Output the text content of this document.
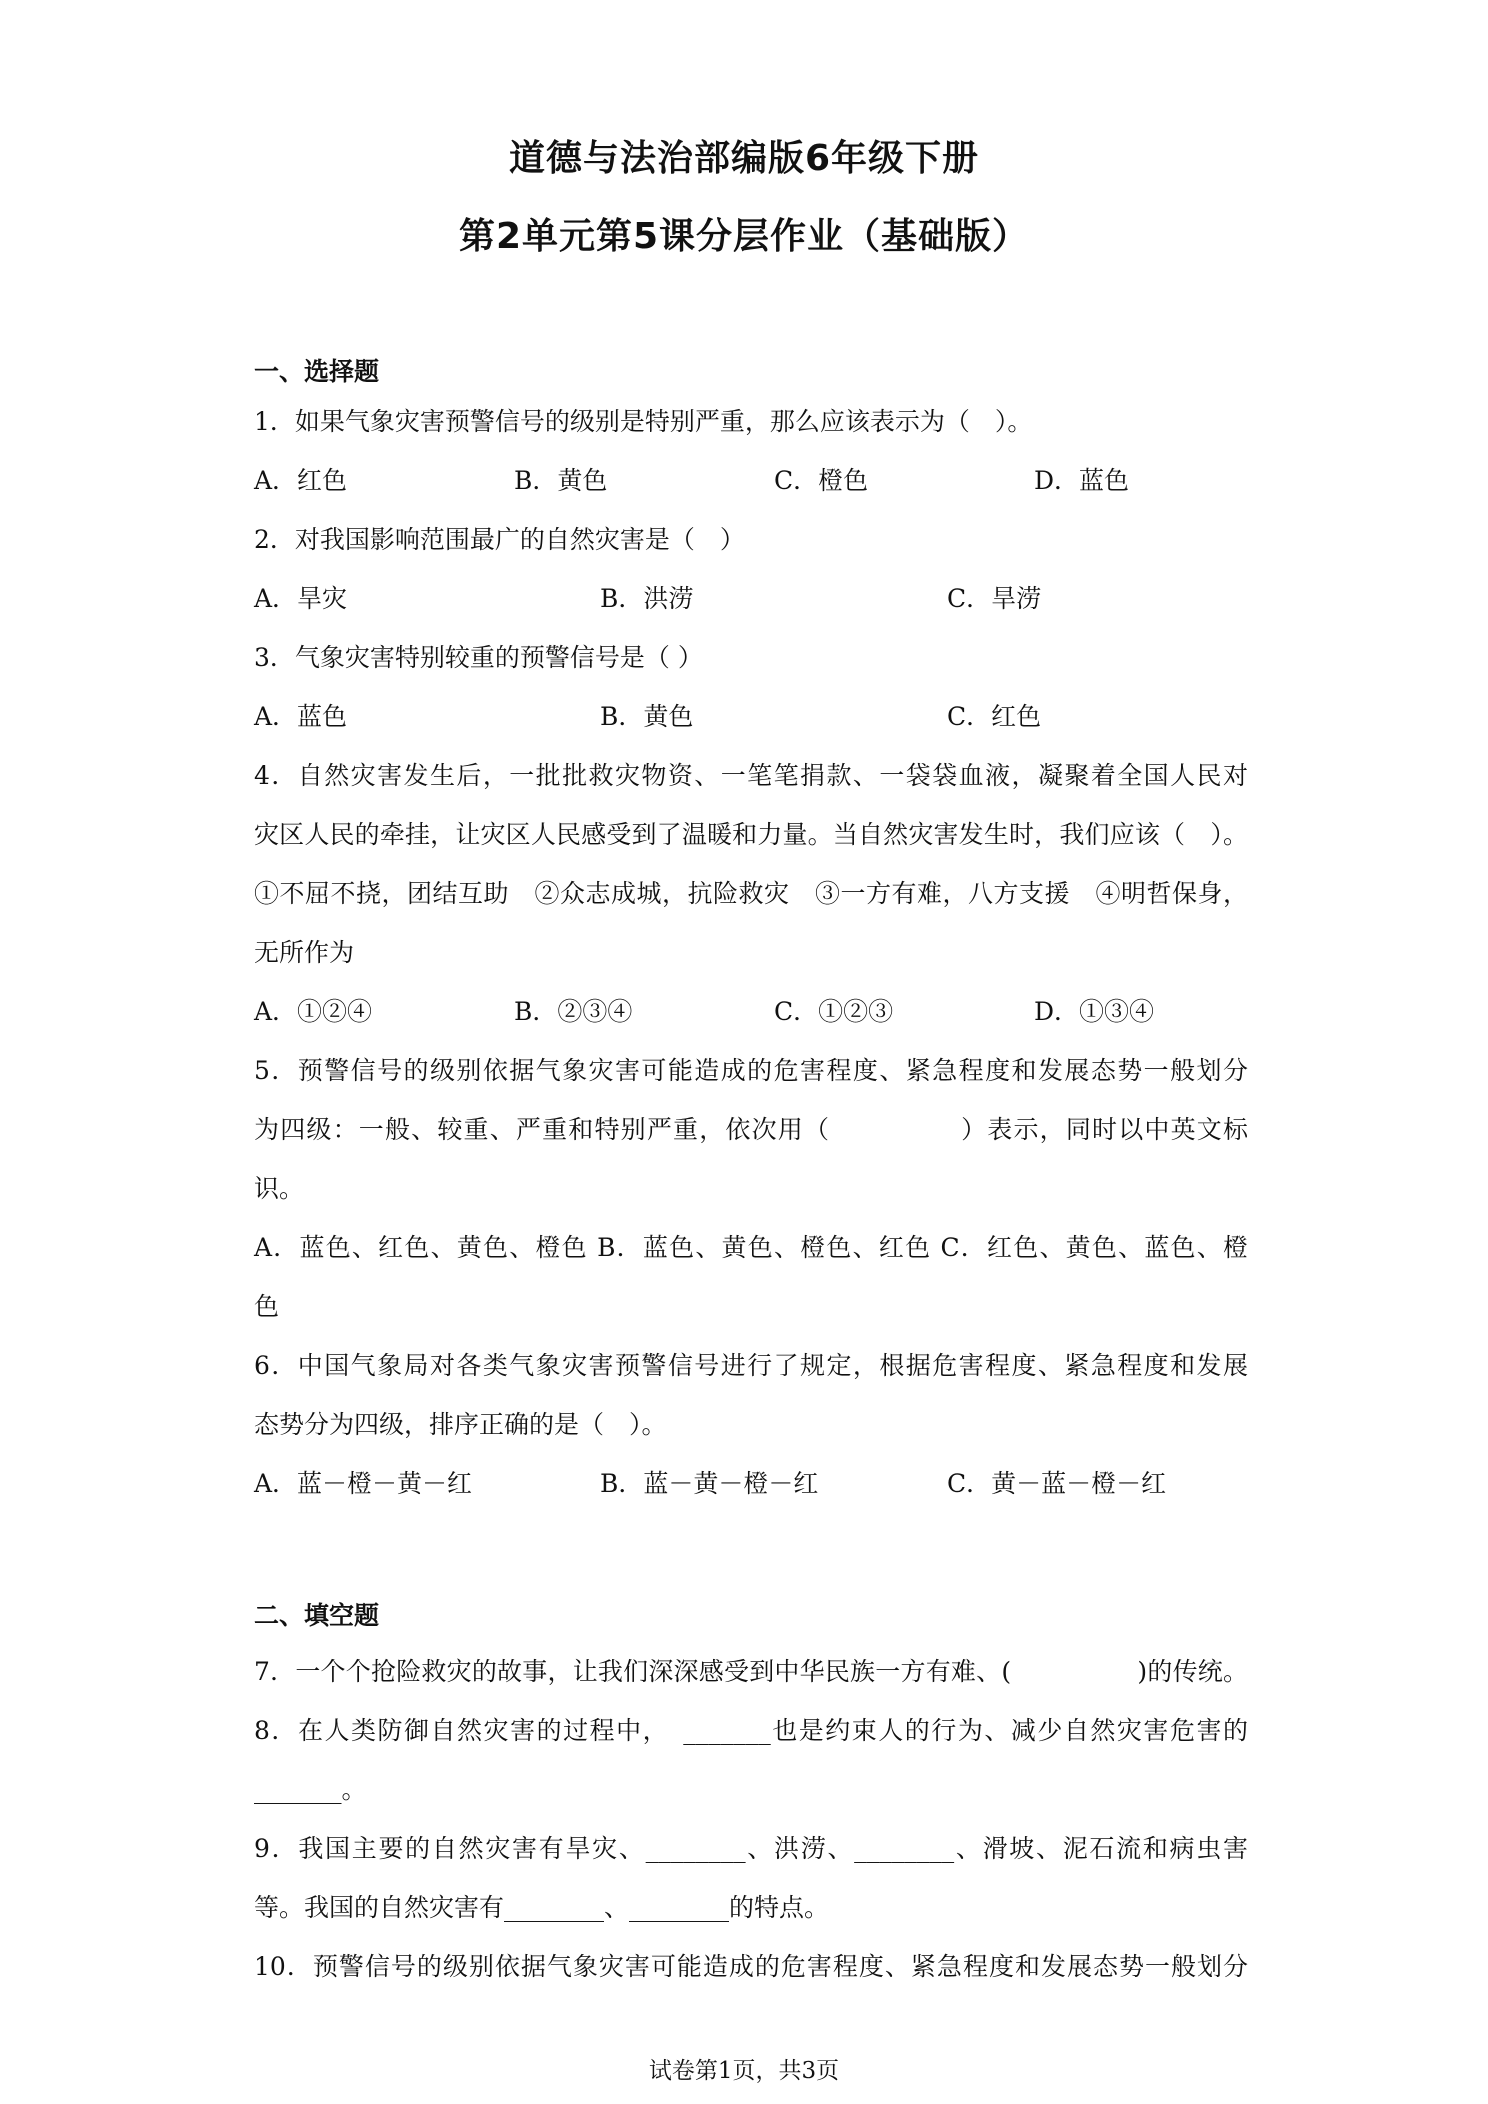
道德与法治部编版6年级下册
第2单元第5课分层作业（基础版）
一、选择题
1．如果气象灾害预警信号的级别是特别严重，那么应该表示为（　）。
A．红色	B．黄色	C．橙色	D．蓝色
2．对我国影响范围最广的自然灾害是（　）
A．旱灾	B．洪涝	C．旱涝
3．气象灾害特别较重的预警信号是（ ）
A．蓝色	B．黄色	C．红色
4．自然灾害发生后，一批批救灾物资、一笔笔捐款、一袋袋血液，凝聚着全国人民对
灾区人民的牵挂，让灾区人民感受到了温暖和力量。当自然灾害发生时，我们应该（　）。
①不屈不挠，团结互助　②众志成城，抗险救灾　③一方有难，八方支援　④明哲保身，
无所作为
A．①②④	B．②③④	C．①②③	D．①③④
5．预警信号的级别依据气象灾害可能造成的危害程度、紧急程度和发展态势一般划分
为四级：一般、较重、严重和特别严重，依次用（　　　　　）表示，同时以中英文标
识。
A．蓝色、红色、黄色、橙色 B．蓝色、黄色、橙色、红色 C．红色、黄色、蓝色、橙
色
6．中国气象局对各类气象灾害预警信号进行了规定，根据危害程度、紧急程度和发展
态势分为四级，排序正确的是（　）。
A．蓝－橙－黄－红	B．蓝－黄－橙－红	C．黄－蓝－橙－红
二、填空题
7．一个个抢险救灾的故事，让我们深深感受到中华民族一方有难、(　　　　　)的传统。
8．在人类防御自然灾害的过程中，　_______也是约束人的行为、减少自然灾害危害的
_______。
9．我国主要的自然灾害有旱灾、________、洪涝、________、滑坡、泥石流和病虫害
等。我国的自然灾害有________、________的特点。
10．预警信号的级别依据气象灾害可能造成的危害程度、紧急程度和发展态势一般划分
试卷第1页，共3页
